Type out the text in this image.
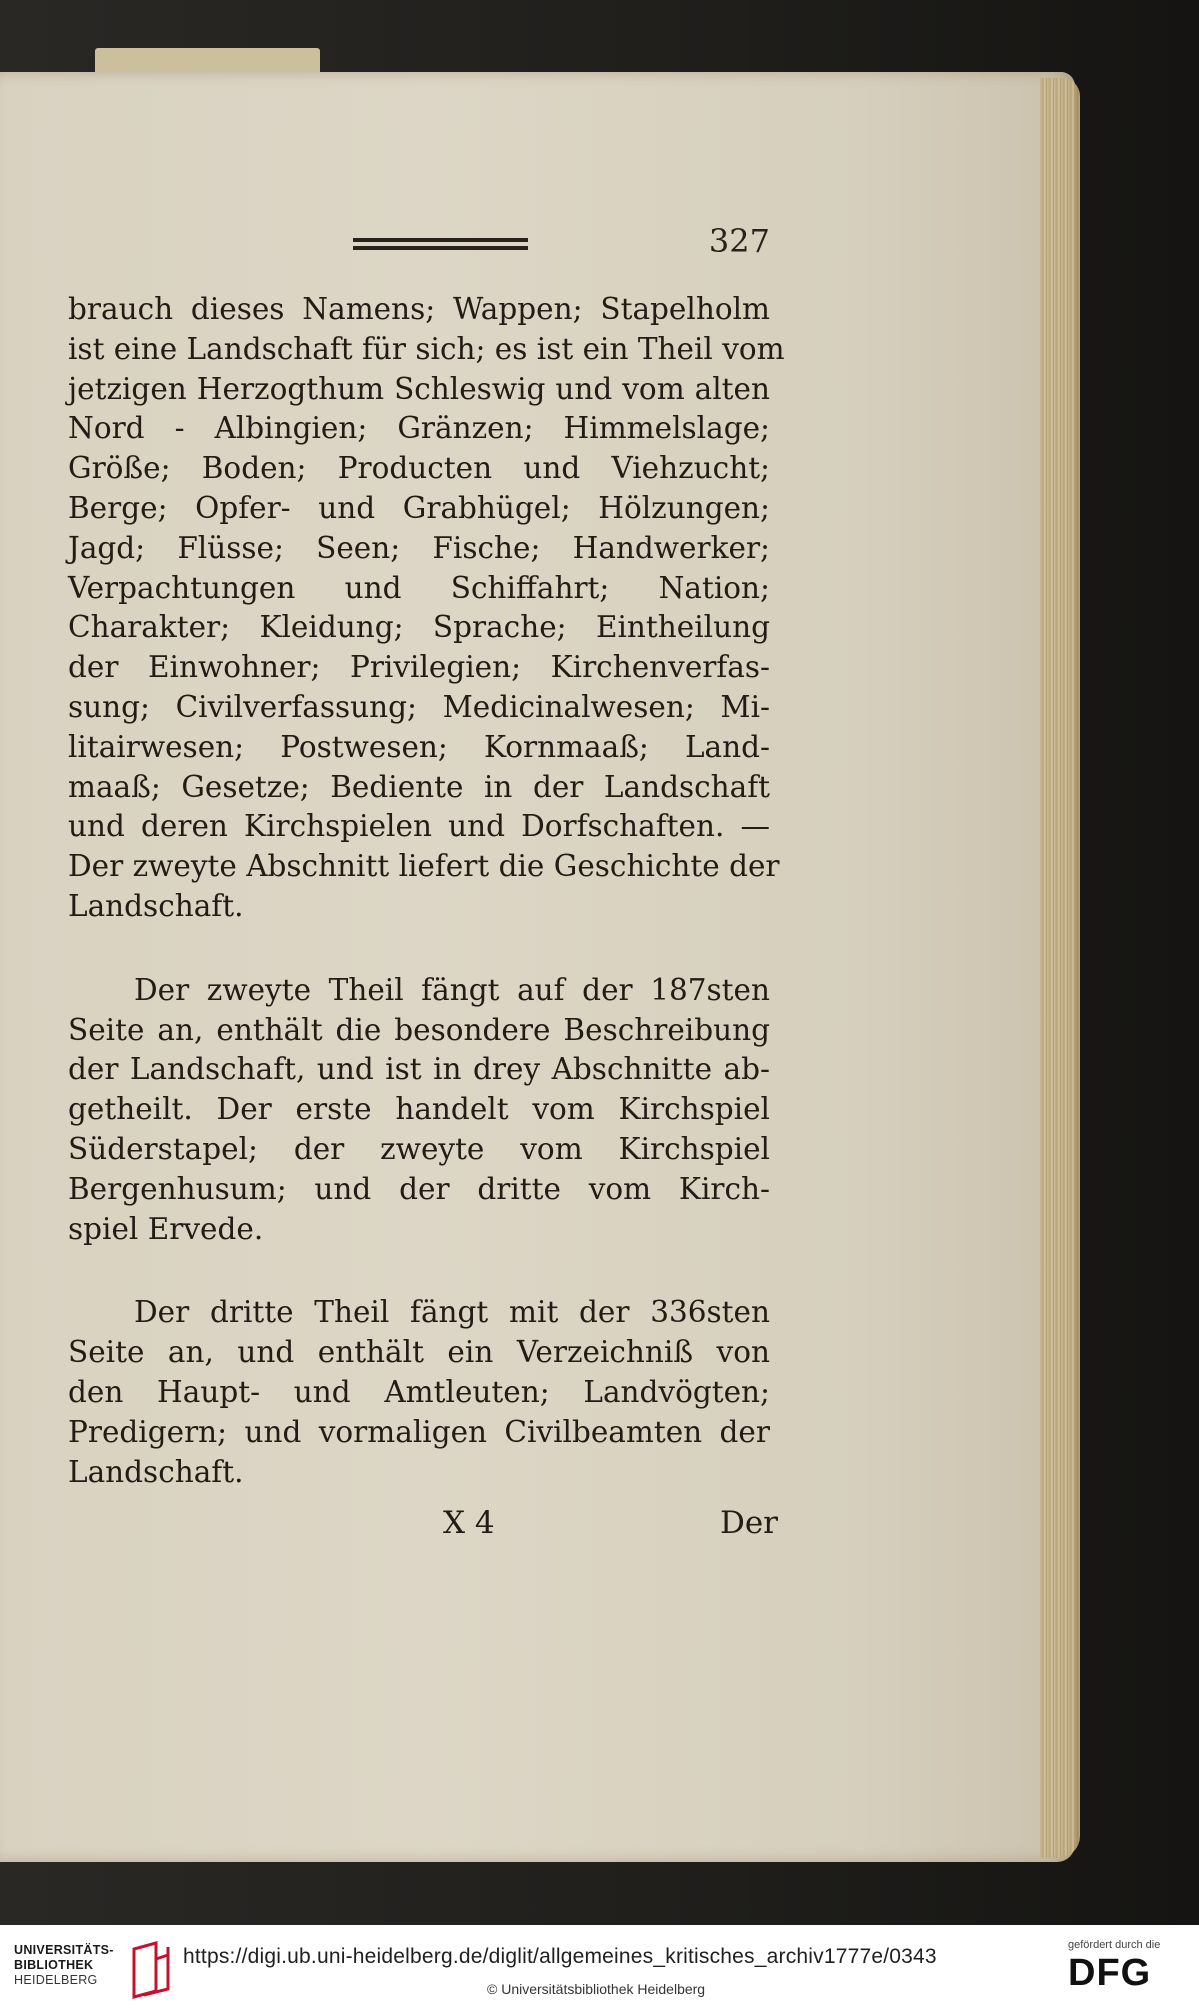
327

brauch dieses Namens; Wappen; Stapelholm
ist eine Landschaft für sich; es ist ein Theil vom
jetzigen Herzogthum Schleswig und vom alten
Nord - Albingien; Gränzen; Himmelslage;
Größe; Boden; Producten und Viehzucht;
Berge; Opfer- und Grabhügel; Hölzungen;
Jagd; Flüsse; Seen; Fische; Handwerker;
Verpachtungen und Schiffahrt; Nation;
Charakter; Kleidung; Sprache; Eintheilung
der Einwohner; Privilegien; Kirchenverfas-
sung; Civilverfassung; Medicinalwesen; Mi-
litairwesen; Postwesen; Kornmaaß; Land-
maaß; Gesetze; Bediente in der Landschaft
und deren Kirchspielen und Dorfschaften. —
Der zweyte Abschnitt liefert die Geschichte der
Landschaft.

Der zweyte Theil fängt auf der 187sten
Seite an, enthält die besondere Beschreibung
der Landschaft, und ist in drey Abschnitte ab-
getheilt. Der erste handelt vom Kirchspiel
Süderstapel; der zweyte vom Kirchspiel
Bergenhusum; und der dritte vom Kirch-
spiel Ervede.

Der dritte Theil fängt mit der 336sten
Seite an, und enthält ein Verzeichniß von
den Haupt- und Amtleuten; Landvögten;
Predigern; und vormaligen Civilbeamten der
Landschaft.

X 4	Der
UNIVERSITÄTS-
BIBLIOTHEK
HEIDELBERG
https://digi.ub.uni-heidelberg.de/diglit/allgemeines_kritisches_archiv1777e/0343
© Universitätsbibliothek Heidelberg
gefördert durch die
DFG
